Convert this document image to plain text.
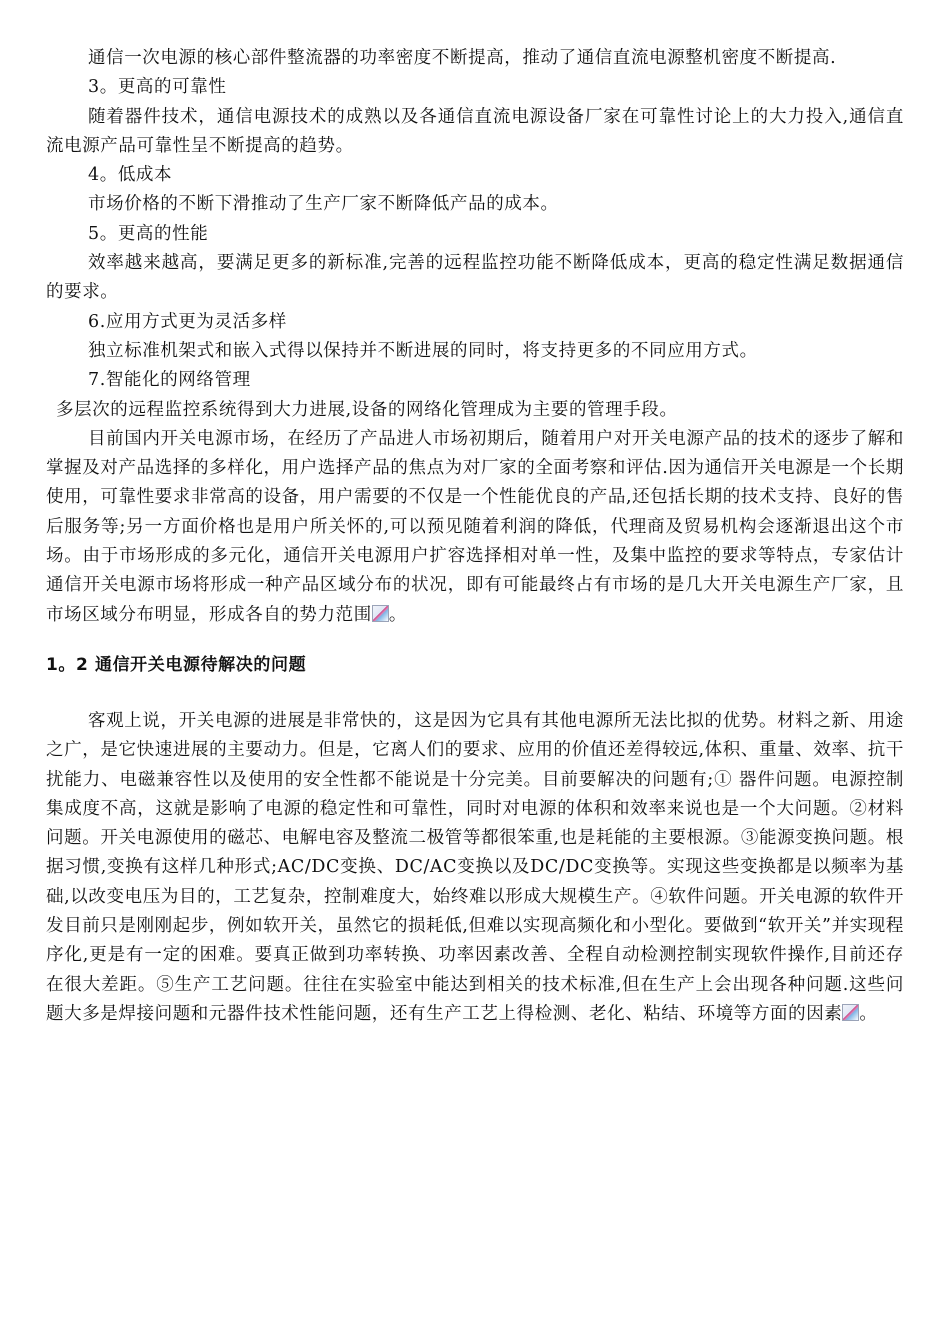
通信一次电源的核心部件整流器的功率密度不断提高，推动了通信直流电源整机密度不断提高.

3。更高的可靠性

随着器件技术，通信电源技术的成熟以及各通信直流电源设备厂家在可靠性讨论上的大力投入,通信直流电源产品可靠性呈不断提高的趋势。

4。低成本

市场价格的不断下滑推动了生产厂家不断降低产品的成本。

5。更高的性能

效率越来越高，要满足更多的新标准,完善的远程监控功能不断降低成本，更高的稳定性满足数据通信的要求。

6.应用方式更为灵活多样

独立标准机架式和嵌入式得以保持并不断进展的同时，将支持更多的不同应用方式。

7.智能化的网络管理

多层次的远程监控系统得到大力进展,设备的网络化管理成为主要的管理手段。

目前国内开关电源市场，在经历了产品进人市场初期后，随着用户对开关电源产品的技术的逐步了解和掌握及对产品选择的多样化，用户选择产品的焦点为对厂家的全面考察和评估.因为通信开关电源是一个长期使用，可靠性要求非常高的设备，用户需要的不仅是一个性能优良的产品,还包括长期的技术支持、良好的售后服务等;另一方面价格也是用户所关怀的,可以预见随着利润的降低，代理商及贸易机构会逐渐退出这个市场。由于市场形成的多元化，通信开关电源用户扩容选择相对单一性，及集中监控的要求等特点，专家估计通信开关电源市场将形成一种产品区域分布的状况，即有可能最终占有市场的是几大开关电源生产厂家，且市场区域分布明显，形成各自的势力范围 。

1。2 通信开关电源待解决的问题

客观上说，开关电源的进展是非常快的，这是因为它具有其他电源所无法比拟的优势。材料之新、用途之广，是它快速进展的主要动力。但是，它离人们的要求、应用的价值还差得较远,体积、重量、效率、抗干扰能力、电磁兼容性以及使用的安全性都不能说是十分完美。目前要解决的问题有;① 器件问题。电源控制集成度不高，这就是影响了电源的稳定性和可靠性，同时对电源的体积和效率来说也是一个大问题。②材料问题。开关电源使用的磁芯、电解电容及整流二极管等都很笨重,也是耗能的主要根源。③能源变换问题。根据习惯,变换有这样几种形式;AC/DC变换、DC/AC变换以及DC/DC变换等。实现这些变换都是以频率为基础,以改变电压为目的，工艺复杂，控制难度大，始终难以形成大规模生产。④软件问题。开关电源的软件开发目前只是刚刚起步，例如软开关，虽然它的损耗低,但难以实现高频化和小型化。要做到“软开关”并实现程序化,更是有一定的困难。要真正做到功率转换、功率因素改善、全程自动检测控制实现软件操作,目前还存在很大差距。⑤生产工艺问题。往往在实验室中能达到相关的技术标准,但在生产上会出现各种问题.这些问题大多是焊接问题和元器件技术性能问题，还有生产工艺上得检测、老化、粘结、环境等方面的因素 。
